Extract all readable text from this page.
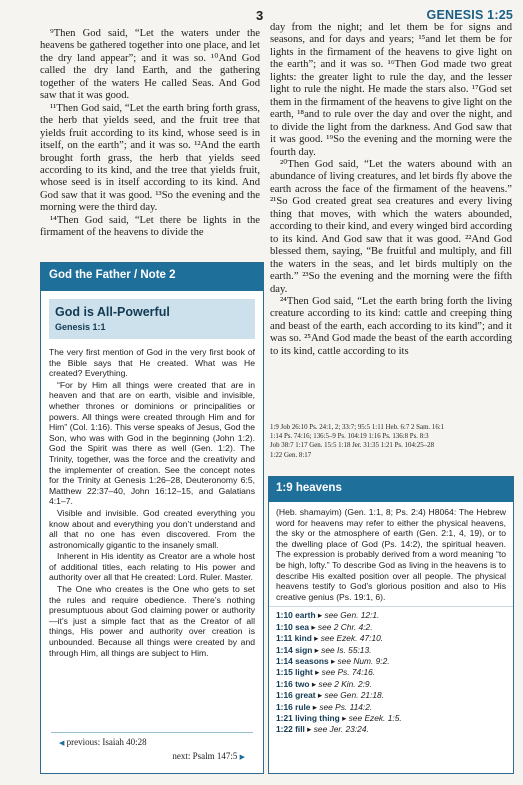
3	GENESIS 1:25

⁹Then God said, “Let the waters under the heavens be gathered together into one place, and let the dry land appear”; and it was so. ¹⁰And God called the dry land Earth, and the gathering together of the waters He called Seas. And God saw that it was good.

¹¹Then God said, “Let the earth bring forth grass, the herb that yields seed, and the fruit tree that yields fruit according to its kind, whose seed is in itself, on the earth”; and it was so. ¹²And the earth brought forth grass, the herb that yields seed according to its kind, and the tree that yields fruit, whose seed is in itself according to its kind. And God saw that it was good. ¹³So the evening and the morning were the third day.

¹⁴Then God said, “Let there be lights in the firmament of the heavens to divide the

day from the night; and let them be for signs and seasons, and for days and years; ¹⁵and let them be for lights in the firmament of the heavens to give light on the earth”; and it was so. ¹⁶Then God made two great lights: the greater light to rule the day, and the lesser light to rule the night. He made the stars also. ¹⁷God set them in the firmament of the heavens to give light on the earth, ¹⁸and to rule over the day and over the night, and to divide the light from the darkness. And God saw that it was good. ¹⁹So the evening and the morning were the fourth day.

²⁰Then God said, “Let the waters abound with an abundance of living creatures, and let birds fly above the earth across the face of the firmament of the heavens.” ²¹So God created great sea creatures and every living thing that moves, with which the waters abounded, according to their kind, and every winged bird according to its kind. And God saw that it was good. ²²And God blessed them, saying, “Be fruitful and multiply, and fill the waters in the seas, and let birds multiply on the earth.” ²³So the evening and the morning were the fifth day.

²⁴Then God said, “Let the earth bring forth the living creature according to its kind: cattle and creeping thing and beast of the earth, each according to its kind”; and it was so. ²⁵And God made the beast of the earth according to its kind, cattle according to its

God the Father / Note 2
God is All-Powerful
Genesis 1:1

The very first mention of God in the very first book of the Bible says that He created. What was He created? Everything.

“For by Him all things were created that are in heaven and that are on earth, visible and invisible, whether thrones or dominions or principalities or powers. All things were created through Him and for Him” (Col. 1:16). This verse speaks of Jesus, God the Son, who was with God in the beginning (John 1:2). God the Spirit was there as well (Gen. 1:2). The Trinity, together, was the force and the creativity and the implementer of creation. See the concept notes for the Trinity at Genesis 1:26–28, Deuteronomy 6:5, Matthew 22:37–40, John 16:12–15, and Galatians 4:1–7.

Visible and invisible. God created everything you know about and everything you don’t understand and all that no one has even discovered. From the astronomically gigantic to the insanely small.

Inherent in His identity as Creator are a whole host of additional titles, each relating to His power and authority over all that He created: Lord. Ruler. Master.

The One who creates is the One who gets to set the rules and require obedience. There’s nothing presumptuous about God claiming power or authority—it’s just a simple fact that as the Creator of all things, His power and authority over creation is unbounded. Because all things were created by and through Him, all things are subject to Him.

◀ previous: Isaiah 40:28
next: Psalm 147:5 ▶
1:9 Job 26:10 Ps. 24:1, 2; 33:7; 95:5 1:11 Heb. 6:7 2 Sam. 16:1
1:14 Ps. 74:16; 136:5–9 Ps. 104:19 1:16 Ps. 136:8 Ps. 8:3
Job 38:7 1:17 Gen. 15:5 1:18 Jer. 31:35 1:21 Ps. 104:25–28
1:22 Gen. 8:17
1:9 heavens
(Heb. shamayim) (Gen. 1:1, 8; Ps. 2:4) H8064: The Hebrew word for heavens may refer to either the physical heavens, the sky or the atmosphere of earth (Gen. 2:1, 4, 19), or to the dwelling place of God (Ps. 14:2), the spiritual heaven. The expression is probably derived from a word meaning “to be high, lofty.” To describe God as living in the heavens is to describe His exalted position over all people. The physical heavens testify to God’s glorious position and also to His creative genius (Ps. 19:1, 6).
1:10 earth ▸ see Gen. 12:1.
1:10 sea ▸ see 2 Chr. 4:2.
1:11 kind ▸ see Ezek. 47:10.
1:14 sign ▸ see Is. 55:13.
1:14 seasons ▸ see Num. 9:2.
1:15 light ▸ see Ps. 74:16.
1:16 two ▸ see 2 Kin. 2:9.
1:16 great ▸ see Gen. 21:18.
1:16 rule ▸ see Ps. 114:2.
1:21 living thing ▸ see Ezek. 1:5.
1:22 fill ▸ see Jer. 23:24.
